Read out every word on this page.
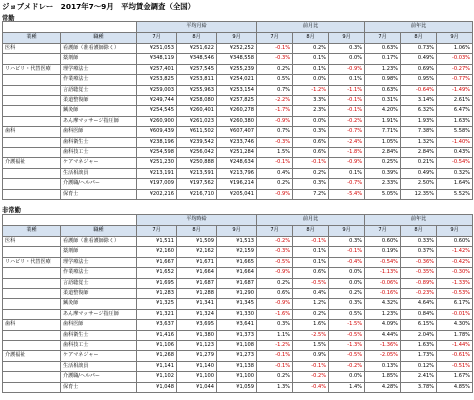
ジョブメドレー　2017年7〜9月　平均賃金調査（全国）
常勤
		平均月給			前月比			前年比		
業種	職種	7月	8月	9月	7月	8月	9月	7月	8月	9月
医科	看護師（准看護師除く）	¥251,053	¥251,622	¥252,252	-0.1%	0.2%	0.3%	0.63%	0.73%	1.06%
	薬剤師	¥348,119	¥348,546	¥348,558	-0.3%	0.1%	0.0%	0.17%	0.49%	-0.03%
リハビリ・代替医療	理学療法士	¥257,401	¥257,545	¥255,239	0.2%	0.1%	-0.9%	1.23%	0.69%	-0.27%
	作業療法士	¥253,825	¥253,811	¥254,021	0.5%	0.0%	0.1%	0.98%	0.95%	-0.77%
	言語聴覚士	¥259,003	¥255,963	¥253,154	0.7%	-1.2%	-1.1%	0.63%	-0.64%	-1.49%
	柔道整復師	¥249,744	¥258,080	¥257,825	-2.2%	3.3%	-0.1%	0.31%	3.14%	2.61%
	鍼灸師	¥254,545	¥260,401	¥260,278	-1.7%	2.3%	-0.1%	4.20%	6.32%	6.47%
	あん摩マッサージ指圧師	¥260,900	¥261,023	¥260,380	-0.9%	0.0%	-0.2%	1.91%	1.93%	1.63%
歯科	歯科医師	¥609,439	¥611,502	¥607,407	0.7%	0.3%	-0.7%	7.71%	7.38%	5.58%
	歯科衛生士	¥238,196	¥239,542	¥233,746	-0.3%	0.6%	-2.4%	1.05%	1.32%	-1.40%
	歯科技工士	¥254,598	¥256,042	¥251,284	1.5%	0.6%	-1.8%	2.84%	2.84%	0.43%
介護福祉	ケアマネジャー	¥251,230	¥250,888	¥248,634	-0.1%	-0.1%	-0.9%	0.25%	0.21%	-0.54%
	生活相談員	¥213,191	¥213,591	¥213,796	0.4%	0.2%	0.1%	0.39%	0.49%	0.32%
	介護職/ヘルパー	¥197,009	¥197,562	¥196,214	0.2%	0.3%	-0.7%	2.33%	2.50%	1.64%
	保育士	¥202,216	¥216,710	¥205,041	-0.9%	7.2%	-5.4%	5.05%	12.35%	5.52%
非常勤
		平均時給			前月比			前年比		
業種	職種	7月	8月	9月	7月	8月	9月	7月	8月	9月
医科	看護師（准看護師除く）	¥1,511	¥1,509	¥1,513	-0.2%	-0.1%	0.3%	0.60%	0.33%	0.60%
	薬剤師	¥2,160	¥2,162	¥2,159	-0.3%	0.1%	-0.1%	0.19%	0.37%	-1.42%
リハビリ・代替医療	理学療法士	¥1,667	¥1,671	¥1,665	-0.5%	0.1%	-0.4%	-0.54%	-0.36%	-0.42%
	作業療法士	¥1,652	¥1,664	¥1,664	-0.9%	0.6%	0.0%	-1.13%	-0.35%	-0.30%
	言語聴覚士	¥1,695	¥1,687	¥1,687	0.2%	-0.5%	0.0%	-0.06%	-0.89%	-1.33%
	柔道整復師	¥1,283	¥1,288	¥1,290	0.6%	0.4%	0.2%	-0.16%	-0.23%	-0.53%
	鍼灸師	¥1,325	¥1,341	¥1,345	-0.9%	1.2%	0.3%	4.32%	4.64%	6.17%
	あん摩マッサージ指圧師	¥1,321	¥1,324	¥1,330	-1.6%	0.2%	0.5%	1.23%	0.84%	-0.01%
歯科	歯科医師	¥3,637	¥3,695	¥3,641	0.3%	1.6%	-1.5%	4.09%	6.15%	4.30%
	歯科衛生士	¥1,416	¥1,380	¥1,373	1.1%	-2.5%	-0.5%	4.44%	2.04%	1.78%
	歯科技工士	¥1,106	¥1,123	¥1,108	-1.2%	1.5%	-1.3%	-1.36%	1.63%	-1.44%
介護福祉	ケアマネジャー	¥1,268	¥1,279	¥1,273	-0.1%	0.9%	-0.5%	-2.05%	1.73%	-0.61%
	生活相談員	¥1,141	¥1,140	¥1,138	-0.1%	-0.1%	-0.2%	0.13%	0.12%	-0.51%
	介護職/ヘルパー	¥1,102	¥1,100	¥1,100	0.2%	-0.2%	0.0%	1.85%	2.41%	1.67%
	保育士	¥1,048	¥1,044	¥1,059	1.3%	-0.4%	1.4%	4.28%	3.78%	4.85%
